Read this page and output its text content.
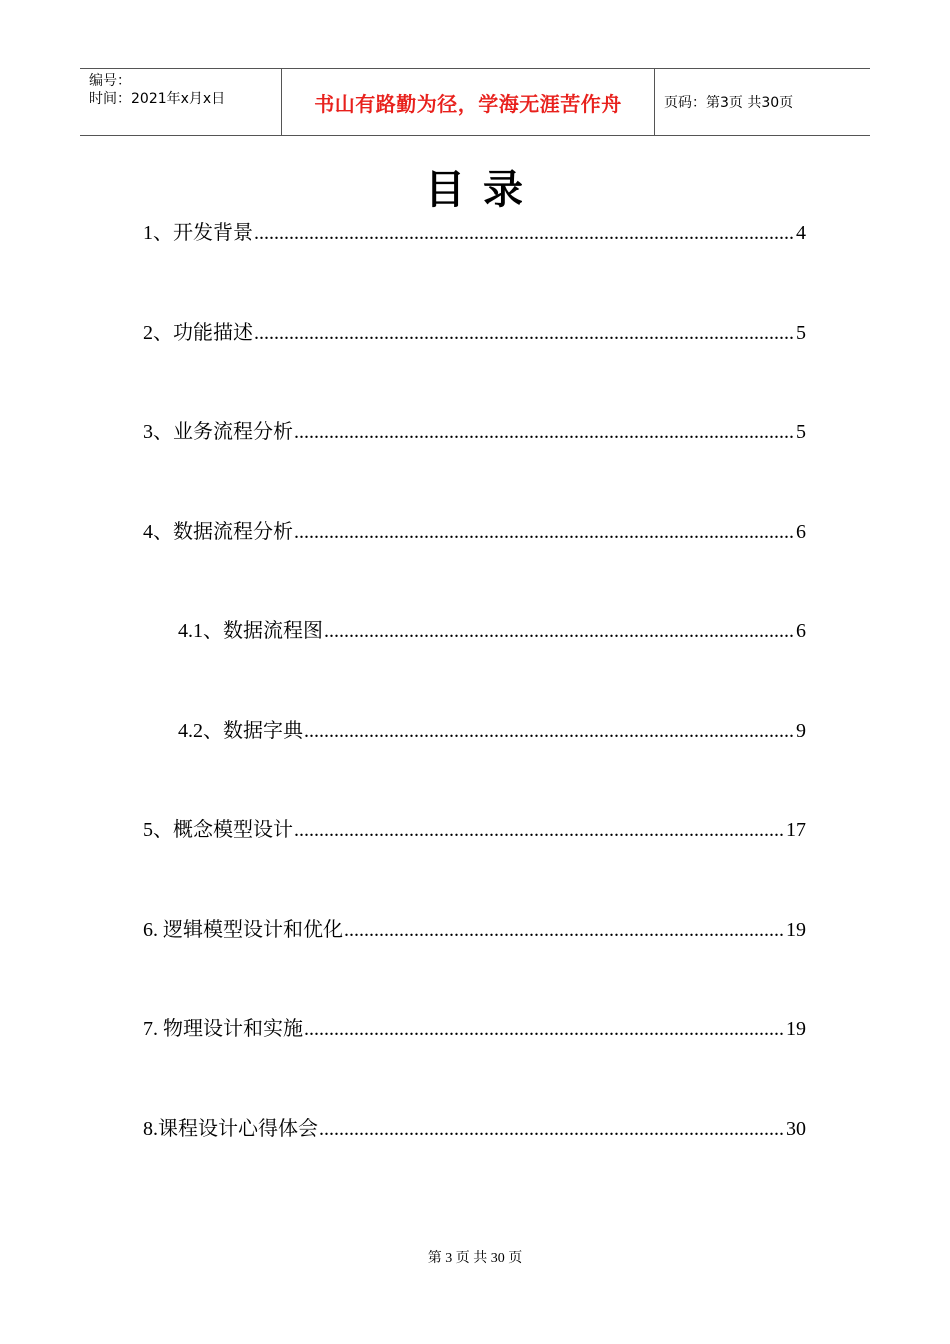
编号：
时间：2021年x月x日	书山有路勤为径，学海无涯苦作舟	页码：第3页 共30页
目 录
1、开发背景 .....	4
2、功能描述 .....	5
3、业务流程分析 .....	5
4、数据流程分析 .....	6
4.1、数据流程图 .....	6
4.2、数据字典 .....	9
5、概念模型设计 .....	17
6. 逻辑模型设计和优化 .....	19
7. 物理设计和实施 .....	19
8.课程设计心得体会 .....	30
第 3 页 共 30 页
